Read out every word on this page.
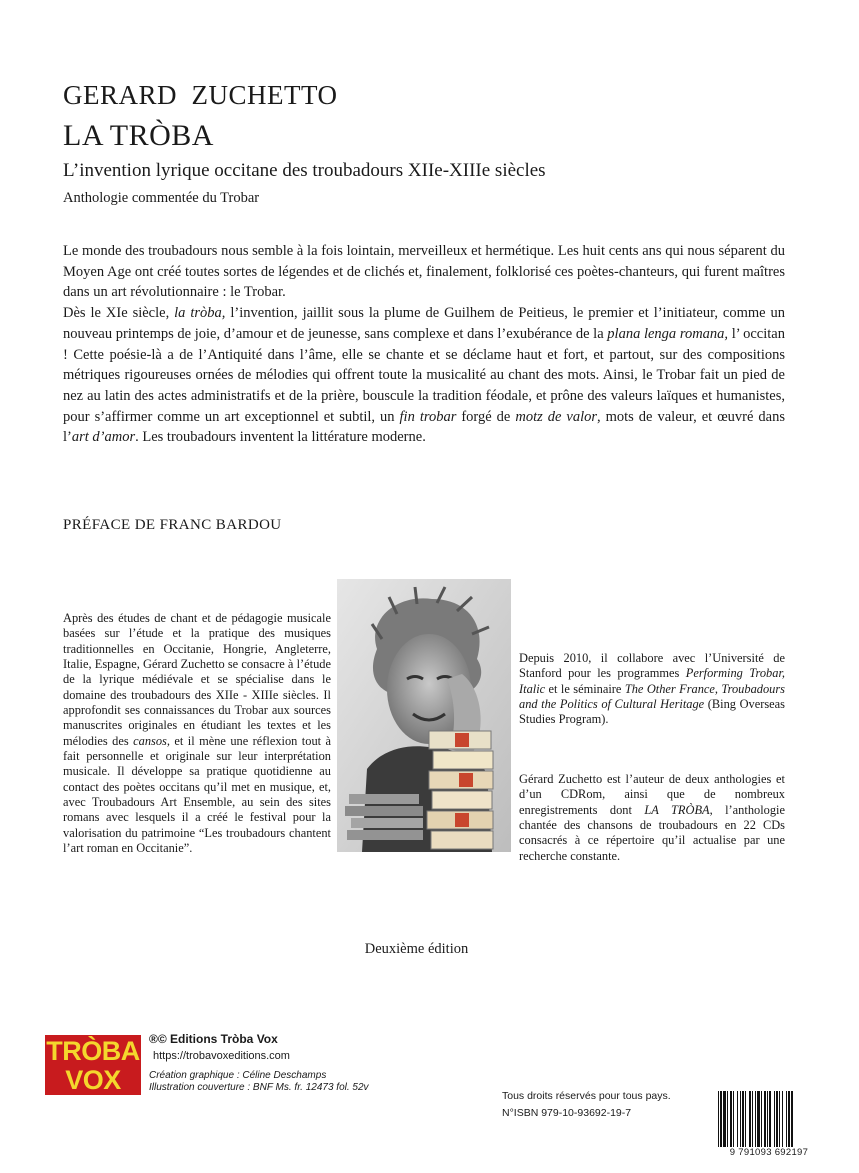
GERARD  ZUCHETTO
LA TRÒBA
L’invention lyrique occitane des troubadours XIIe-XIIIe siècles
Anthologie commentée du Trobar

Le monde des troubadours nous semble à la fois lointain, merveilleux et hermétique. Les huit cents ans qui nous séparent du Moyen Age ont créé toutes sortes de légendes et de clichés et, finalement, folklorisé ces poètes-chanteurs, qui furent maîtres dans un art révolutionnaire : le Trobar.

Dès le XIe siècle, la tròba, l’invention, jaillit sous la plume de Guilhem de Peitieus, le premier et l’initiateur, comme un nouveau printemps de joie, d’amour et de jeunesse, sans complexe et dans l’exubérance de la plana lenga romana, l’ occitan ! Cette poésie-là a de l’Antiquité dans l’âme, elle se chante et se déclame haut et fort, et partout, sur des compositions métriques rigoureuses ornées de mélodies qui offrent toute la musicalité au chant des mots. Ainsi, le Trobar fait un pied de nez au latin des actes administratifs et de la prière, bouscule la tradition féodale, et prône des valeurs laïques et humanistes, pour s’affirmer comme un art exceptionnel et subtil, un fin trobar forgé de motz de valor, mots de valeur, et œuvré dans l’art d’amor. Les troubadours inventent la littérature moderne.

PRÉFACE DE FRANC BARDOU
Après des études de chant et de pédagogie musicale basées sur l’étude et la pratique des musiques traditionnelles en Occitanie, Hongrie, Angleterre, Italie, Espagne, Gérard Zuchetto se consacre à l’étude de la lyrique médiévale et se spécialise dans le domaine des troubadours des XIIe - XIIIe siècles. Il approfondit ses connaissances du Trobar aux sources manuscrites originales en étudiant les textes et les mélodies des cansos, et il mène une réflexion tout à fait personnelle et originale sur leur interprétation musicale. Il développe sa pratique quotidienne au contact des poètes occitans qu’il met en musique, et, avec Troubadours Art Ensemble, au sein des sites romans avec lesquels il a créé le festival pour la valorisation du patrimoine “Les troubadours chantent l’art roman en Occitanie”.
Depuis 2010, il collabore avec l’Université de Stanford pour les programmes Performing Trobar, Italic et le séminaire The Other France, Troubadours and the Politics of Cultural Heritage (Bing Overseas Studies Program).
Gérard Zuchetto est l’auteur de deux anthologies et d’un CDRom, ainsi que de nombreux enregistrements dont LA TRÒBA, l’anthologie chantée des chansons de troubadours en 22 CDs consacrés à ce répertoire qu’il actualise par une recherche constante.
Deuxième édition
TRÒBA
VOX
®© Editions Tròba Vox
https://trobavoxeditions.com
Création graphique : Céline Deschamps
Illustration couverture : BNF Ms. fr. 12473 fol. 52v
Tous droits réservés pour tous pays.
N°ISBN 979-10-93692-19-7
9 791093 692197
